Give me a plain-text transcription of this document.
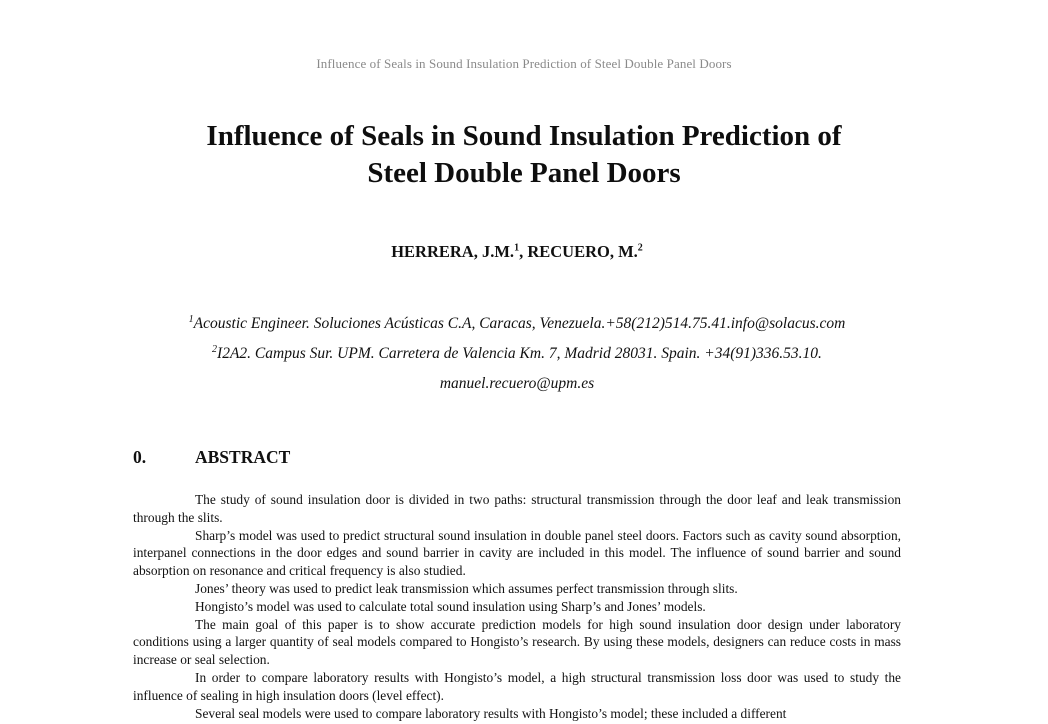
Influence of Seals in Sound Insulation Prediction of Steel Double Panel Doors
Influence of Seals in Sound Insulation Prediction of
Steel Double Panel Doors
HERRERA, J.M.$^1$, RECUERO, M.$^2$
$^1$Acoustic Engineer. Soluciones Acústicas C.A, Caracas, Venezuela.+58(212)514.75.41.info@solacus.com
$^2$I2A2. Campus Sur. UPM. Carretera de Valencia Km. 7, Madrid 28031. Spain. +34(91)336.53.10.
manuel.recuero@upm.es
0.	ABSTRACT

The study of sound insulation door is divided in two paths: structural transmission through the door leaf and leak transmission through the slits.

Sharp’s model was used to predict structural sound insulation in double panel steel doors. Factors such as cavity sound absorption, interpanel connections in the door edges and sound barrier in cavity are included in this model. The influence of sound barrier and sound absorption on resonance and critical frequency is also studied.

Jones’ theory was used to predict leak transmission which assumes perfect transmission through slits.

Hongisto’s model was used to calculate total sound insulation using Sharp’s and Jones’ models.

The main goal of this paper is to show accurate prediction models for high sound insulation door design under laboratory conditions using a larger quantity of seal models compared to Hongisto’s research. By using these models, designers can reduce costs in mass increase or seal selection.

In order to compare laboratory results with Hongisto’s model, a high structural transmission loss door was used to study the influence of sealing in high insulation doors (level effect).

Several seal models were used to compare laboratory results with Hongisto’s model; these included a different
